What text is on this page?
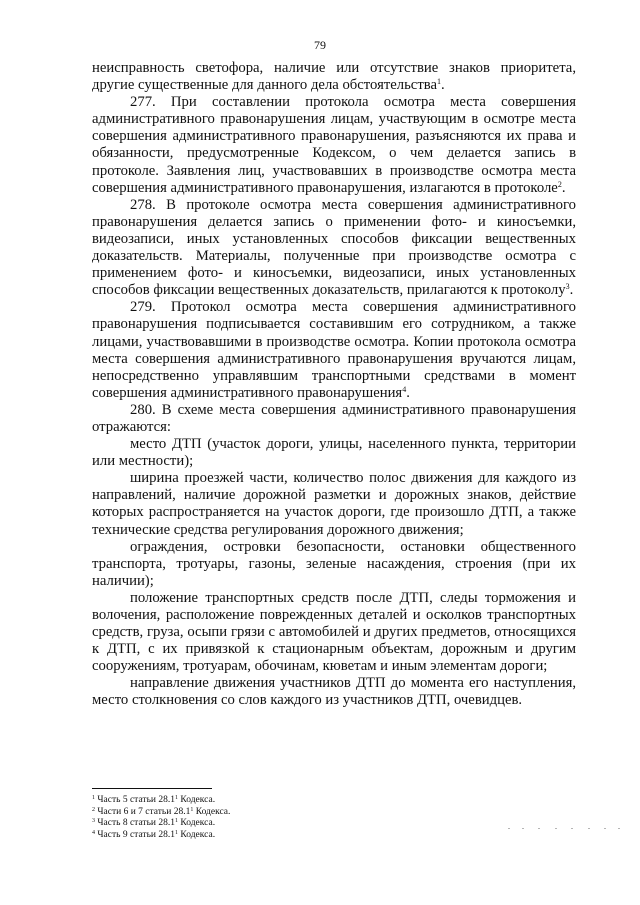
79

неисправность светофора, наличие или отсутствие знаков приоритета, другие существенные для данного дела обстоятельства$^1$.

277. При составлении протокола осмотра места совершения административного правонарушения лицам, участвующим в осмотре места совершения административного правонарушения, разъясняются их права и обязанности, предусмотренные Кодексом, о чем делается запись в протоколе. Заявления лиц, участвовавших в производстве осмотра места совершения административного правонарушения, излагаются в протоколе$^2$.

278. В протоколе осмотра места совершения административного правонарушения делается запись о применении фото- и киносъемки, видеозаписи, иных установленных способов фиксации вещественных доказательств. Материалы, полученные при производстве осмотра с применением фото- и киносъемки, видеозаписи, иных установленных способов фиксации вещественных доказательств, прилагаются к протоколу$^3$.

279. Протокол осмотра места совершения административного правонарушения подписывается составившим его сотрудником, а также лицами, участвовавшими в производстве осмотра. Копии протокола осмотра места совершения административного правонарушения вручаются лицам, непосредственно управлявшим транспортными средствами в момент совершения административного правонарушения$^4$.

280. В схеме места совершения административного правонарушения отражаются:

место ДТП (участок дороги, улицы, населенного пункта, территории или местности);

ширина проезжей части, количество полос движения для каждого из направлений, наличие дорожной разметки и дорожных знаков, действие которых распространяется на участок дороги, где произошло ДТП, а также технические средства регулирования дорожного движения;

ограждения, островки безопасности, остановки общественного транспорта, тротуары, газоны, зеленые насаждения, строения (при их наличии);

положение транспортных средств после ДТП, следы торможения и волочения, расположение поврежденных деталей и осколков транспортных средств, груза, осыпи грязи с автомобилей и других предметов, относящихся к ДТП, с их привязкой к стационарным объектам, дорожным и другим сооружениям, тротуарам, обочинам, кюветам и иным элементам дороги;

направление движения участников ДТП до момента его наступления, место столкновения со слов каждого из участников ДТП, очевидцев.

$^1$ Часть 5 статьи 28.1$^1$ Кодекса.

$^2$ Части 6 и 7 статьи 28.1$^1$ Кодекса.

$^3$ Часть 8 статьи 28.1$^1$ Кодекса.

$^4$ Часть 9 статьи 28.1$^1$ Кодекса.
